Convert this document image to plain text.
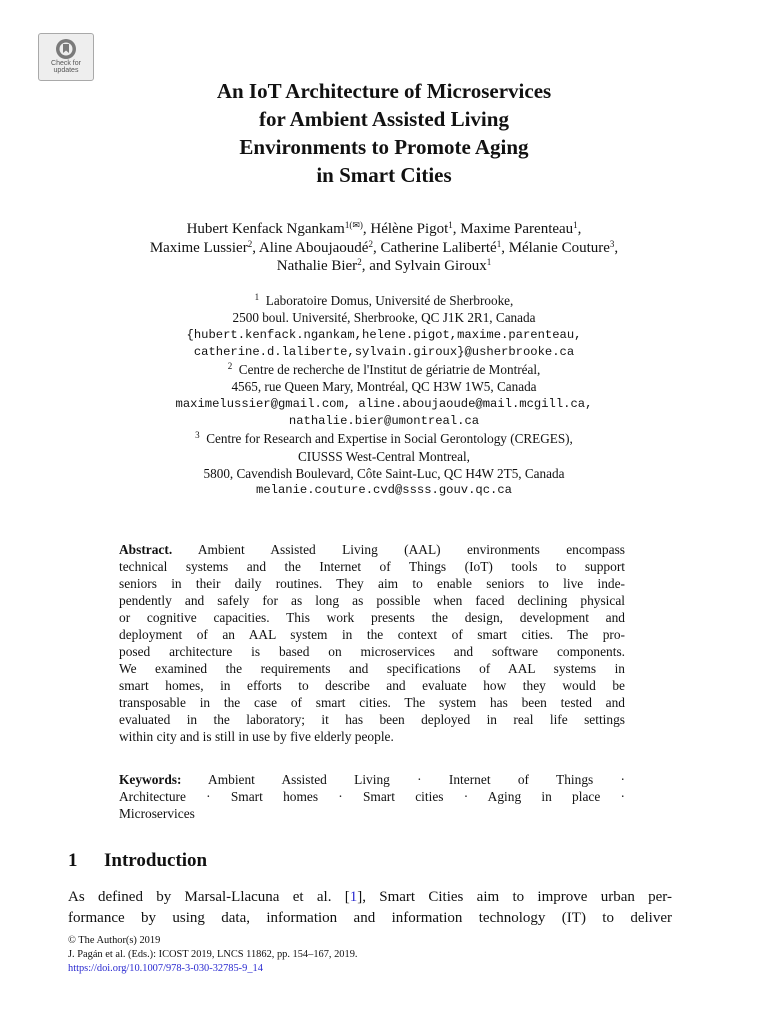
Check for
updates
An IoT Architecture of Microservices
for Ambient Assisted Living
Environments to Promote Aging
in Smart Cities
Hubert Kenfack Ngankam$^{1(✉)}$, Hélène Pigot$^1$, Maxime Parenteau$^1$,
Maxime Lussier$^2$, Aline Aboujaoudé$^2$, Catherine Laliberté$^1$, Mélanie Couture$^3$,
Nathalie Bier$^2$, and Sylvain Giroux$^1$
$^1$ Laboratoire Domus, Université de Sherbrooke,
2500 boul. Université, Sherbrooke, QC J1K 2R1, Canada
{hubert.kenfack.ngankam,helene.pigot,maxime.parenteau,
catherine.d.laliberte,sylvain.giroux}@usherbrooke.ca
$^2$ Centre de recherche de l'Institut de gériatrie de Montréal,
4565, rue Queen Mary, Montréal, QC H3W 1W5, Canada
maximelussier@gmail.com, aline.aboujaoude@mail.mcgill.ca,
nathalie.bier@umontreal.ca
$^3$ Centre for Research and Expertise in Social Gerontology (CREGES),
CIUSSS West-Central Montreal,
5800, Cavendish Boulevard, Côte Saint-Luc, QC H4W 2T5, Canada
melanie.couture.cvd@ssss.gouv.qc.ca
Abstract. Ambient Assisted Living (AAL) environments encompass
technical systems and the Internet of Things (IoT) tools to support
seniors in their daily routines. They aim to enable seniors to live inde-
pendently and safely for as long as possible when faced declining physical
or cognitive capacities. This work presents the design, development and
deployment of an AAL system in the context of smart cities. The pro-
posed architecture is based on microservices and software components.
We examined the requirements and specifications of AAL systems in
smart homes, in efforts to describe and evaluate how they would be
transposable in the case of smart cities. The system has been tested and
evaluated in the laboratory; it has been deployed in real life settings
within city and is still in use by five elderly people.
Keywords: Ambient Assisted Living · Internet of Things ·
Architecture · Smart homes · Smart cities · Aging in place ·
Microservices
1 Introduction
As defined by Marsal-Llacuna et al. [1], Smart Cities aim to improve urban per-
formance by using data, information and information technology (IT) to deliver
© The Author(s) 2019
J. Pagán et al. (Eds.): ICOST 2019, LNCS 11862, pp. 154–167, 2019.
https://doi.org/10.1007/978-3-030-32785-9_14
